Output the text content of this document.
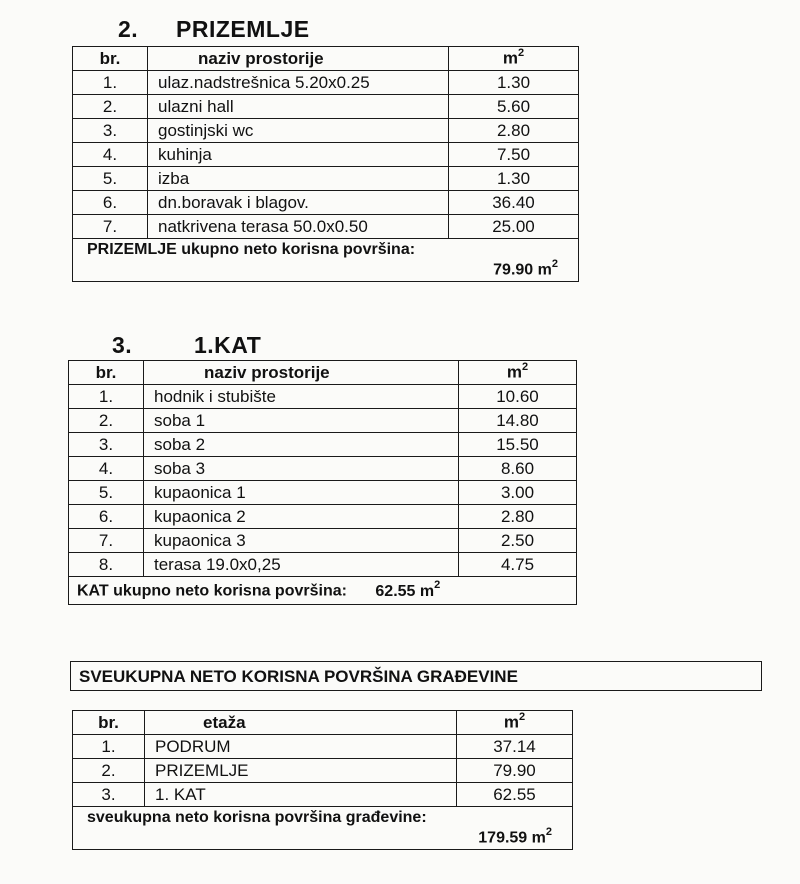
2. PRIZEMLJE
br.	naziv prostorije	$m^2$
1.	ulaz.nadstrešnica 5.20x0.25	1.30
2.	ulazni hall	5.60
3.	gostinjski wc	2.80
4.	kuhinja	7.50
5.	izba	1.30
6.	dn.boravak i blagov.	36.40
7.	natkrivena terasa 50.0x0.50	25.00
PRIZEMLJE ukupno neto korisna površina:
79.90 $m^2$
3.	1.KAT
br.	naziv prostorije	$m^2$
1.	hodnik i stubište	10.60
2.	soba 1	14.80
3.	soba 2	15.50
4.	soba 3	8.60
5.	kupaonica 1	3.00
6.	kupaonica 2	2.80
7.	kupaonica 3	2.50
8.	terasa 19.0x0,25	4.75
KAT ukupno neto korisna površina: 62.55 $m^2$
SVEUKUPNA NETO KORISNA POVRŠINA GRAĐEVINE
br.	etaža	$m^2$
1.	PODRUM	37.14
2.	PRIZEMLJE	79.90
3.	1. KAT	62.55
sveukupna neto korisna površina građevine:
179.59 $m^2$
